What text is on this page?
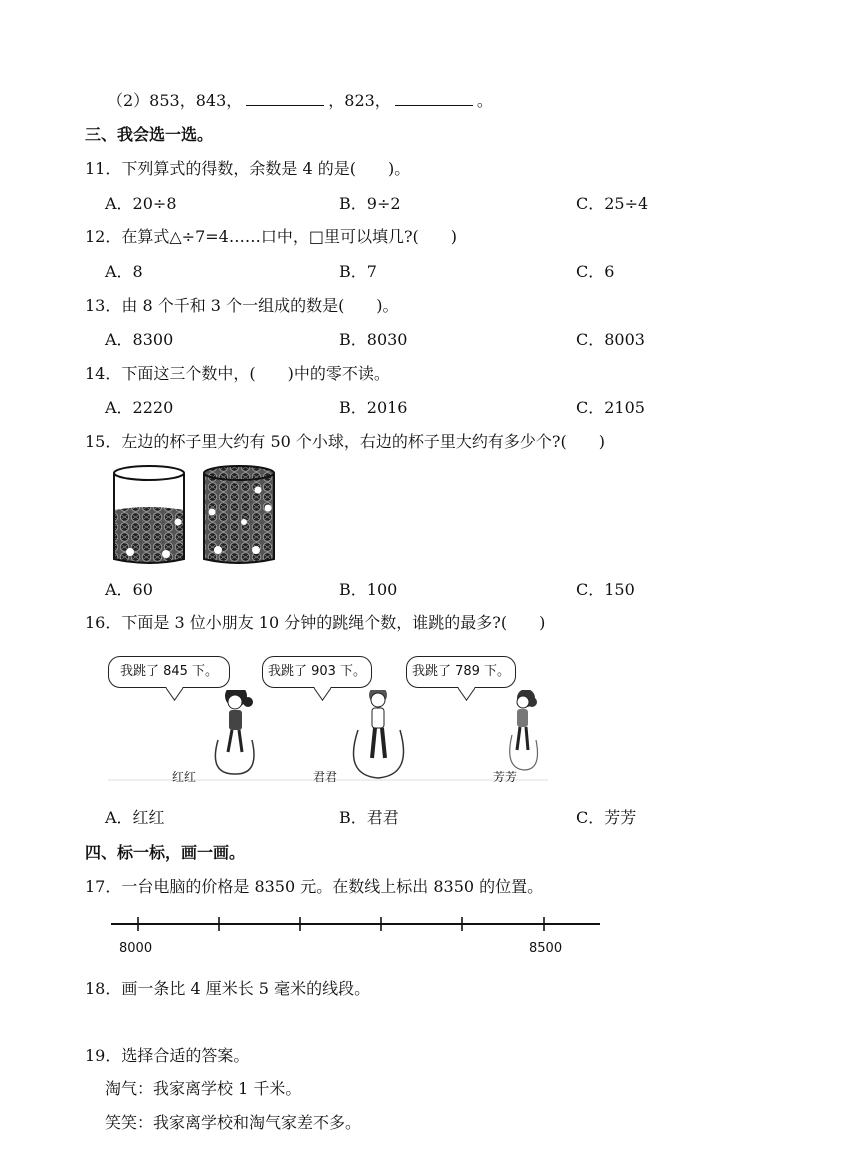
（2）853，843，	，823，	。
三、我会选一选。
11．下列算式的得数，余数是 4 的是(　　)。
A．20÷8	B．9÷2	C．25÷4
12．在算式△÷7=4……口中，□里可以填几?(　　)
A．8	B．7	C．6
13．由 8 个千和 3 个一组成的数是(　　)。
A．8300	B．8030	C．8003
14．下面这三个数中，(　　)中的零不读。
A．2220	B．2016	C．2105
15．左边的杯子里大约有 50 个小球，右边的杯子里大约有多少个?(　　)
A．60	B．100	C．150
16．下面是 3 位小朋友 10 分钟的跳绳个数，谁跳的最多?(　　)
我跳了 845 下。	我跳了 903 下。	我跳了 789 下。
红红	君君	芳芳
A．红红	B．君君	C．芳芳
四、标一标，画一画。
17．一台电脑的价格是 8350 元。在数线上标出 8350 的位置。
8000	8500
18．画一条比 4 厘米长 5 毫米的线段。
19．选择合适的答案。
淘气：我家离学校 1 千米。
笑笑：我家离学校和淘气家差不多。
